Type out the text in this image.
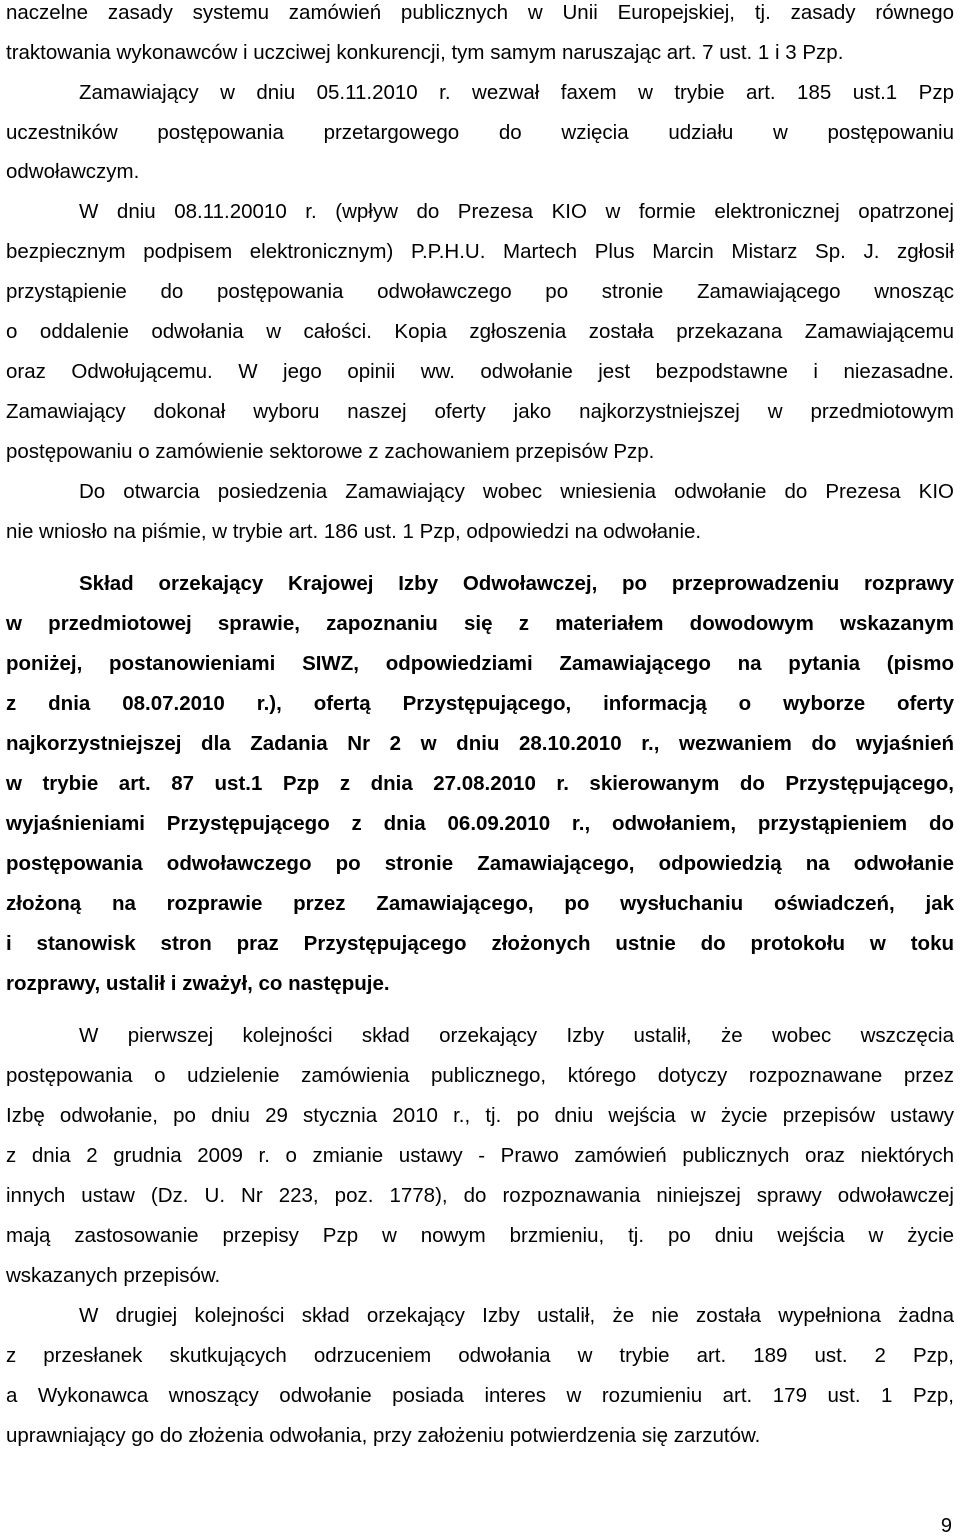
naczelne zasady systemu zamówień publicznych w Unii Europejskiej, tj. zasady równego
traktowania wykonawców i uczciwej konkurencji, tym samym naruszając art. 7 ust. 1 i 3 Pzp.
Zamawiający w dniu 05.11.2010 r. wezwał faxem w trybie art. 185 ust.1 Pzp
uczestników postępowania przetargowego do wzięcia udziału w postępowaniu
odwoławczym.
W dniu 08.11.20010 r. (wpływ do Prezesa KIO w formie elektronicznej opatrzonej
bezpiecznym podpisem elektronicznym) P.P.H.U. Martech Plus Marcin Mistarz Sp. J. zgłosił
przystąpienie do postępowania odwoławczego po stronie Zamawiającego wnosząc
o oddalenie odwołania w całości. Kopia zgłoszenia została przekazana Zamawiającemu
oraz Odwołującemu. W jego opinii ww. odwołanie jest bezpodstawne i niezasadne.
Zamawiający dokonał wyboru naszej oferty jako najkorzystniejszej w przedmiotowym
postępowaniu o zamówienie sektorowe z zachowaniem przepisów Pzp.
Do otwarcia posiedzenia Zamawiający wobec wniesienia odwołanie do Prezesa KIO
nie wniosło na piśmie, w trybie art. 186 ust. 1 Pzp, odpowiedzi na odwołanie.
Skład orzekający Krajowej Izby Odwoławczej, po przeprowadzeniu rozprawy
w przedmiotowej sprawie, zapoznaniu się z materiałem dowodowym wskazanym
poniżej, postanowieniami SIWZ, odpowiedziami Zamawiającego na pytania (pismo
z dnia 08.07.2010 r.), ofertą Przystępującego, informacją o wyborze oferty
najkorzystniejszej dla Zadania Nr 2 w dniu 28.10.2010 r., wezwaniem do wyjaśnień
w trybie art. 87 ust.1 Pzp z dnia 27.08.2010 r. skierowanym do Przystępującego,
wyjaśnieniami Przystępującego z dnia 06.09.2010 r., odwołaniem, przystąpieniem do
postępowania odwoławczego po stronie Zamawiającego, odpowiedzią na odwołanie
złożoną na rozprawie przez Zamawiającego, po wysłuchaniu oświadczeń, jak
i stanowisk stron praz Przystępującego złożonych ustnie do protokołu w toku
rozprawy, ustalił i zważył, co następuje.
W pierwszej kolejności skład orzekający Izby ustalił, że wobec wszczęcia
postępowania o udzielenie zamówienia publicznego, którego dotyczy rozpoznawane przez
Izbę odwołanie, po dniu 29 stycznia 2010 r., tj. po dniu wejścia w życie przepisów ustawy
z dnia 2 grudnia 2009 r. o zmianie ustawy - Prawo zamówień publicznych oraz niektórych
innych ustaw (Dz. U. Nr 223, poz. 1778), do rozpoznawania niniejszej sprawy odwoławczej
mają zastosowanie przepisy Pzp w nowym brzmieniu, tj. po dniu wejścia w życie
wskazanych przepisów.
W drugiej kolejności skład orzekający Izby ustalił, że nie została wypełniona żadna
z przesłanek skutkujących odrzuceniem odwołania w trybie art. 189 ust. 2 Pzp,
a Wykonawca wnoszący odwołanie posiada interes w rozumieniu art. 179 ust. 1 Pzp,
uprawniający go do złożenia odwołania, przy założeniu potwierdzenia się zarzutów.
9
